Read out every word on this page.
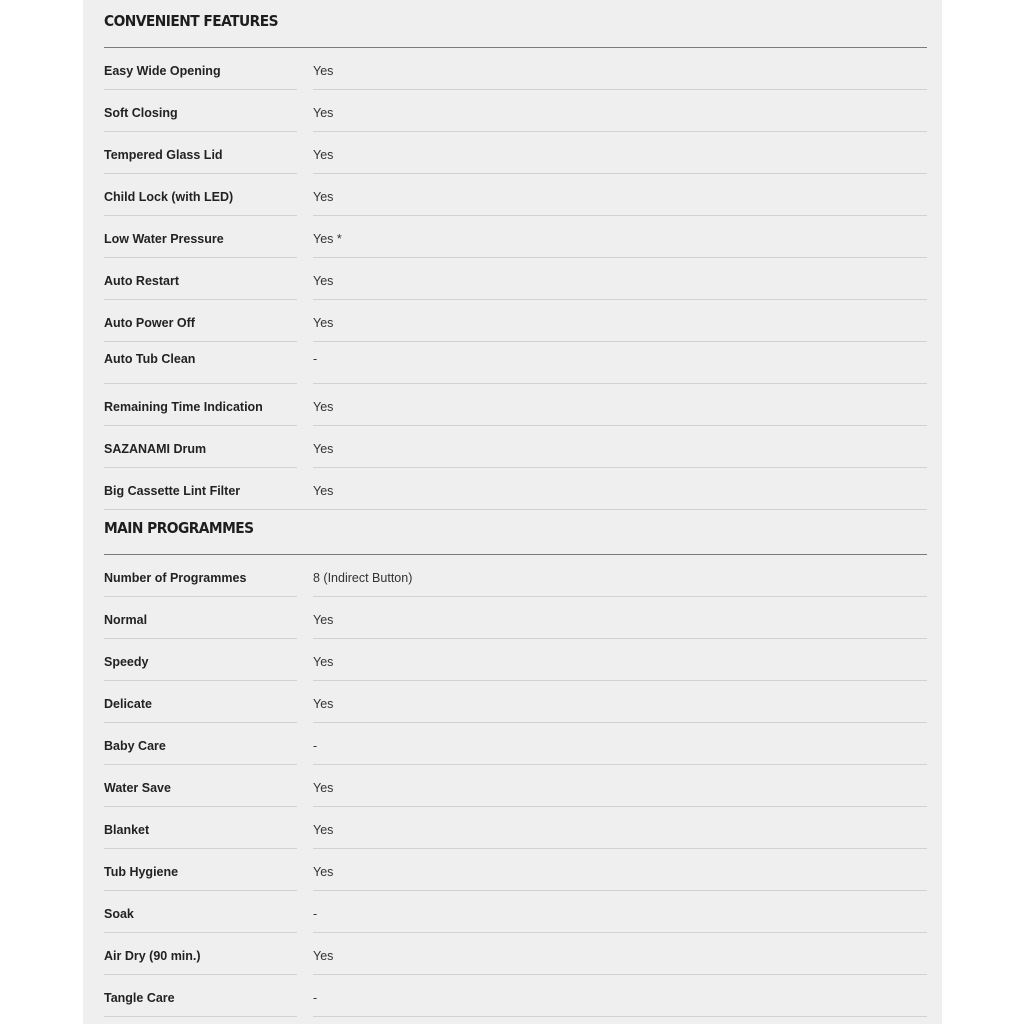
CONVENIENT FEATURES
Easy Wide Opening	Yes
Soft Closing	Yes
Tempered Glass Lid	Yes
Child Lock (with LED)	Yes
Low Water Pressure	Yes *
Auto Restart	Yes
Auto Power Off	Yes
Auto Tub Clean	-
Remaining Time Indication	Yes
SAZANAMI Drum	Yes
Big Cassette Lint Filter	Yes
MAIN PROGRAMMES
Number of Programmes	8 (Indirect Button)
Normal	Yes
Speedy	Yes
Delicate	Yes
Baby Care	-
Water Save	Yes
Blanket	Yes
Tub Hygiene	Yes
Soak	-
Air Dry (90 min.)	Yes
Tangle Care	-
